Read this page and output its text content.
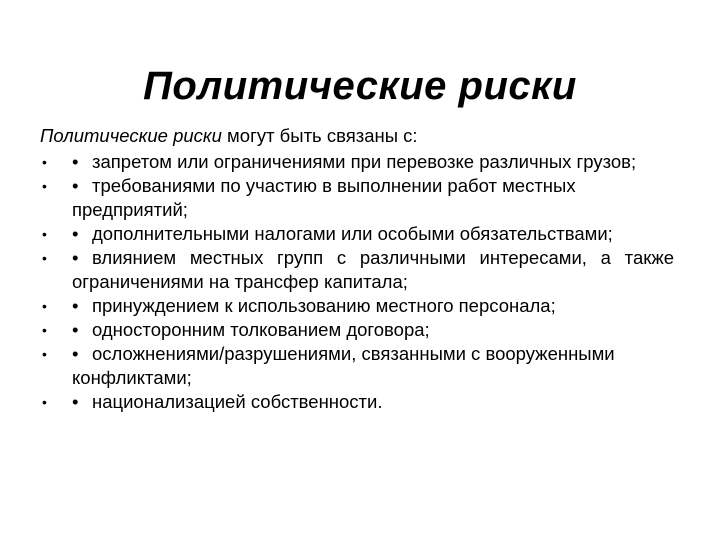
Политические риски
Политические риски могут быть связаны с:
•	• запретом или ограничениями при перевозке различных грузов;
•	• требованиями по участию в выполнении работ местных предприятий;
•	• дополнительными налогами или особыми обязательствами;
•	• влиянием местных групп с различными интересами, а также ограничениями на трансфер капитала;
•	• принуждением к использованию местного персонала;
•	• односторонним толкованием договора;
•	• осложнениями/разрушениями, связанными с вооруженными конфликтами;
•	• национализацией собственности.
